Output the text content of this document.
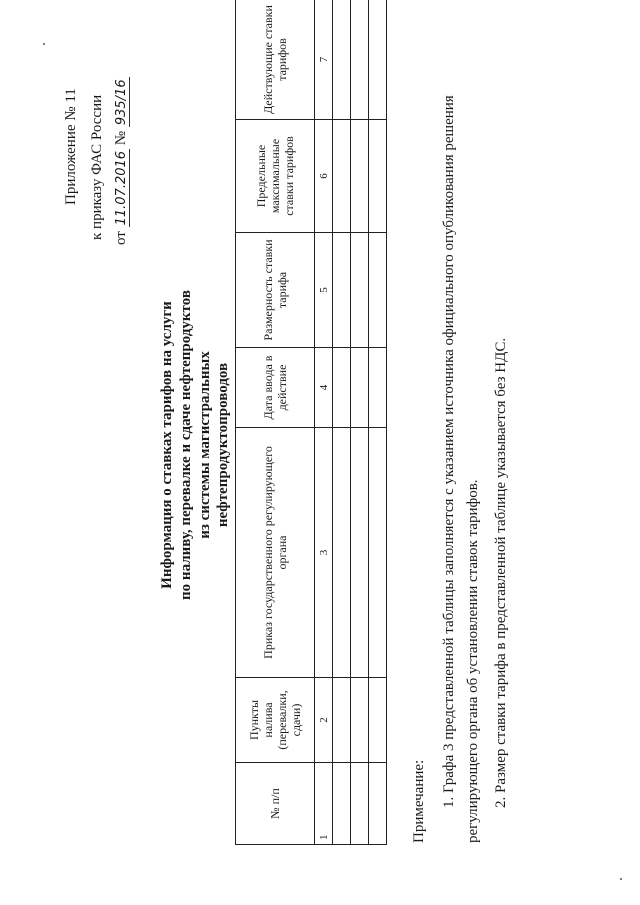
Приложение № 11 к приказу ФАС России от 11.07.2016 № 935/16
Информация о ставках тарифов на услуги по наливу, перевалке и сдаче нефтепродуктов из системы магистральных нефтепродуктопроводов
№ п/п	Пункты налива (перевалки, сдачи)	Приказ государственного регулирующего органа	Дата ввода в действие	Размерность ставки тарифа	Предельные максимальные ставки тарифов	Действующие ставки тарифов
1	2	3	4	5	6	7

Примечание: 1. Графа 3 представленной таблицы заполняется с указанием источника официального опубликования решения регулирующего органа об установлении ставок тарифов. 2. Размер ставки тарифа в представленной таблице указывается без НДС.
